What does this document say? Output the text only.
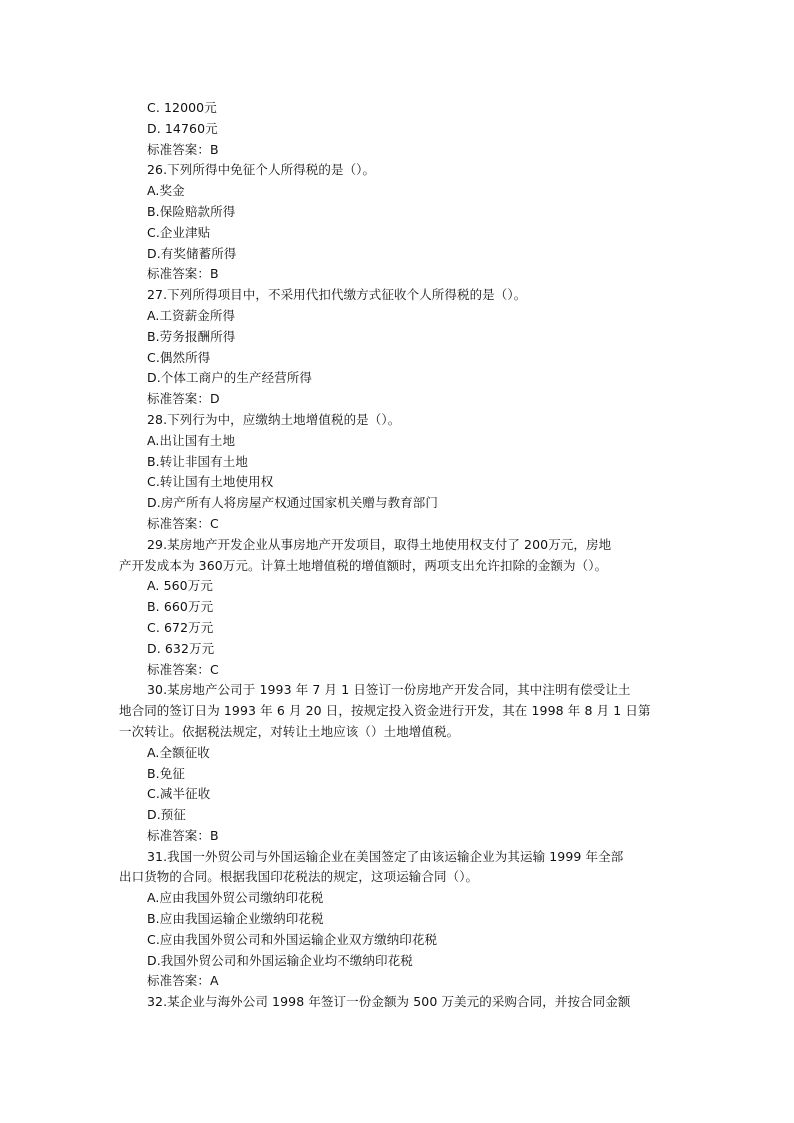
C. 12000元
D. 14760元
标准答案：B
26.下列所得中免征个人所得税的是（）。
A.奖金
B.保险赔款所得
C.企业津贴
D.有奖储蓄所得
标准答案：B
27.下列所得项目中，不采用代扣代缴方式征收个人所得税的是（）。
A.工资薪金所得
B.劳务报酬所得
C.偶然所得
D.个体工商户的生产经营所得
标准答案：D
28.下列行为中，应缴纳土地增值税的是（）。
A.出让国有土地
B.转让非国有土地
C.转让国有土地使用权
D.房产所有人将房屋产权通过国家机关赠与教育部门
标准答案：C
29.某房地产开发企业从事房地产开发项目，取得土地使用权支付了 200万元，房地
产开发成本为 360万元。计算土地增值税的增值额时，两项支出允许扣除的金额为（）。
A. 560万元
B. 660万元
C. 672万元
D. 632万元
标准答案：C
30.某房地产公司于 1993 年 7 月 1 日签订一份房地产开发合同，其中注明有偿受让土
地合同的签订日为 1993 年 6 月 20 日，按规定投入资金进行开发，其在 1998 年 8 月 1 日第
一次转让。依据税法规定，对转让土地应该（）土地增值税。
A.全额征收
B.免征
C.减半征收
D.预征
标准答案：B
31.我国一外贸公司与外国运输企业在美国签定了由该运输企业为其运输 1999 年全部
出口货物的合同。根据我国印花税法的规定，这项运输合同（）。
A.应由我国外贸公司缴纳印花税
B.应由我国运输企业缴纳印花税
C.应由我国外贸公司和外国运输企业双方缴纳印花税
D.我国外贸公司和外国运输企业均不缴纳印花税
标准答案：A
32.某企业与海外公司 1998 年签订一份金额为 500 万美元的采购合同，并按合同金额
